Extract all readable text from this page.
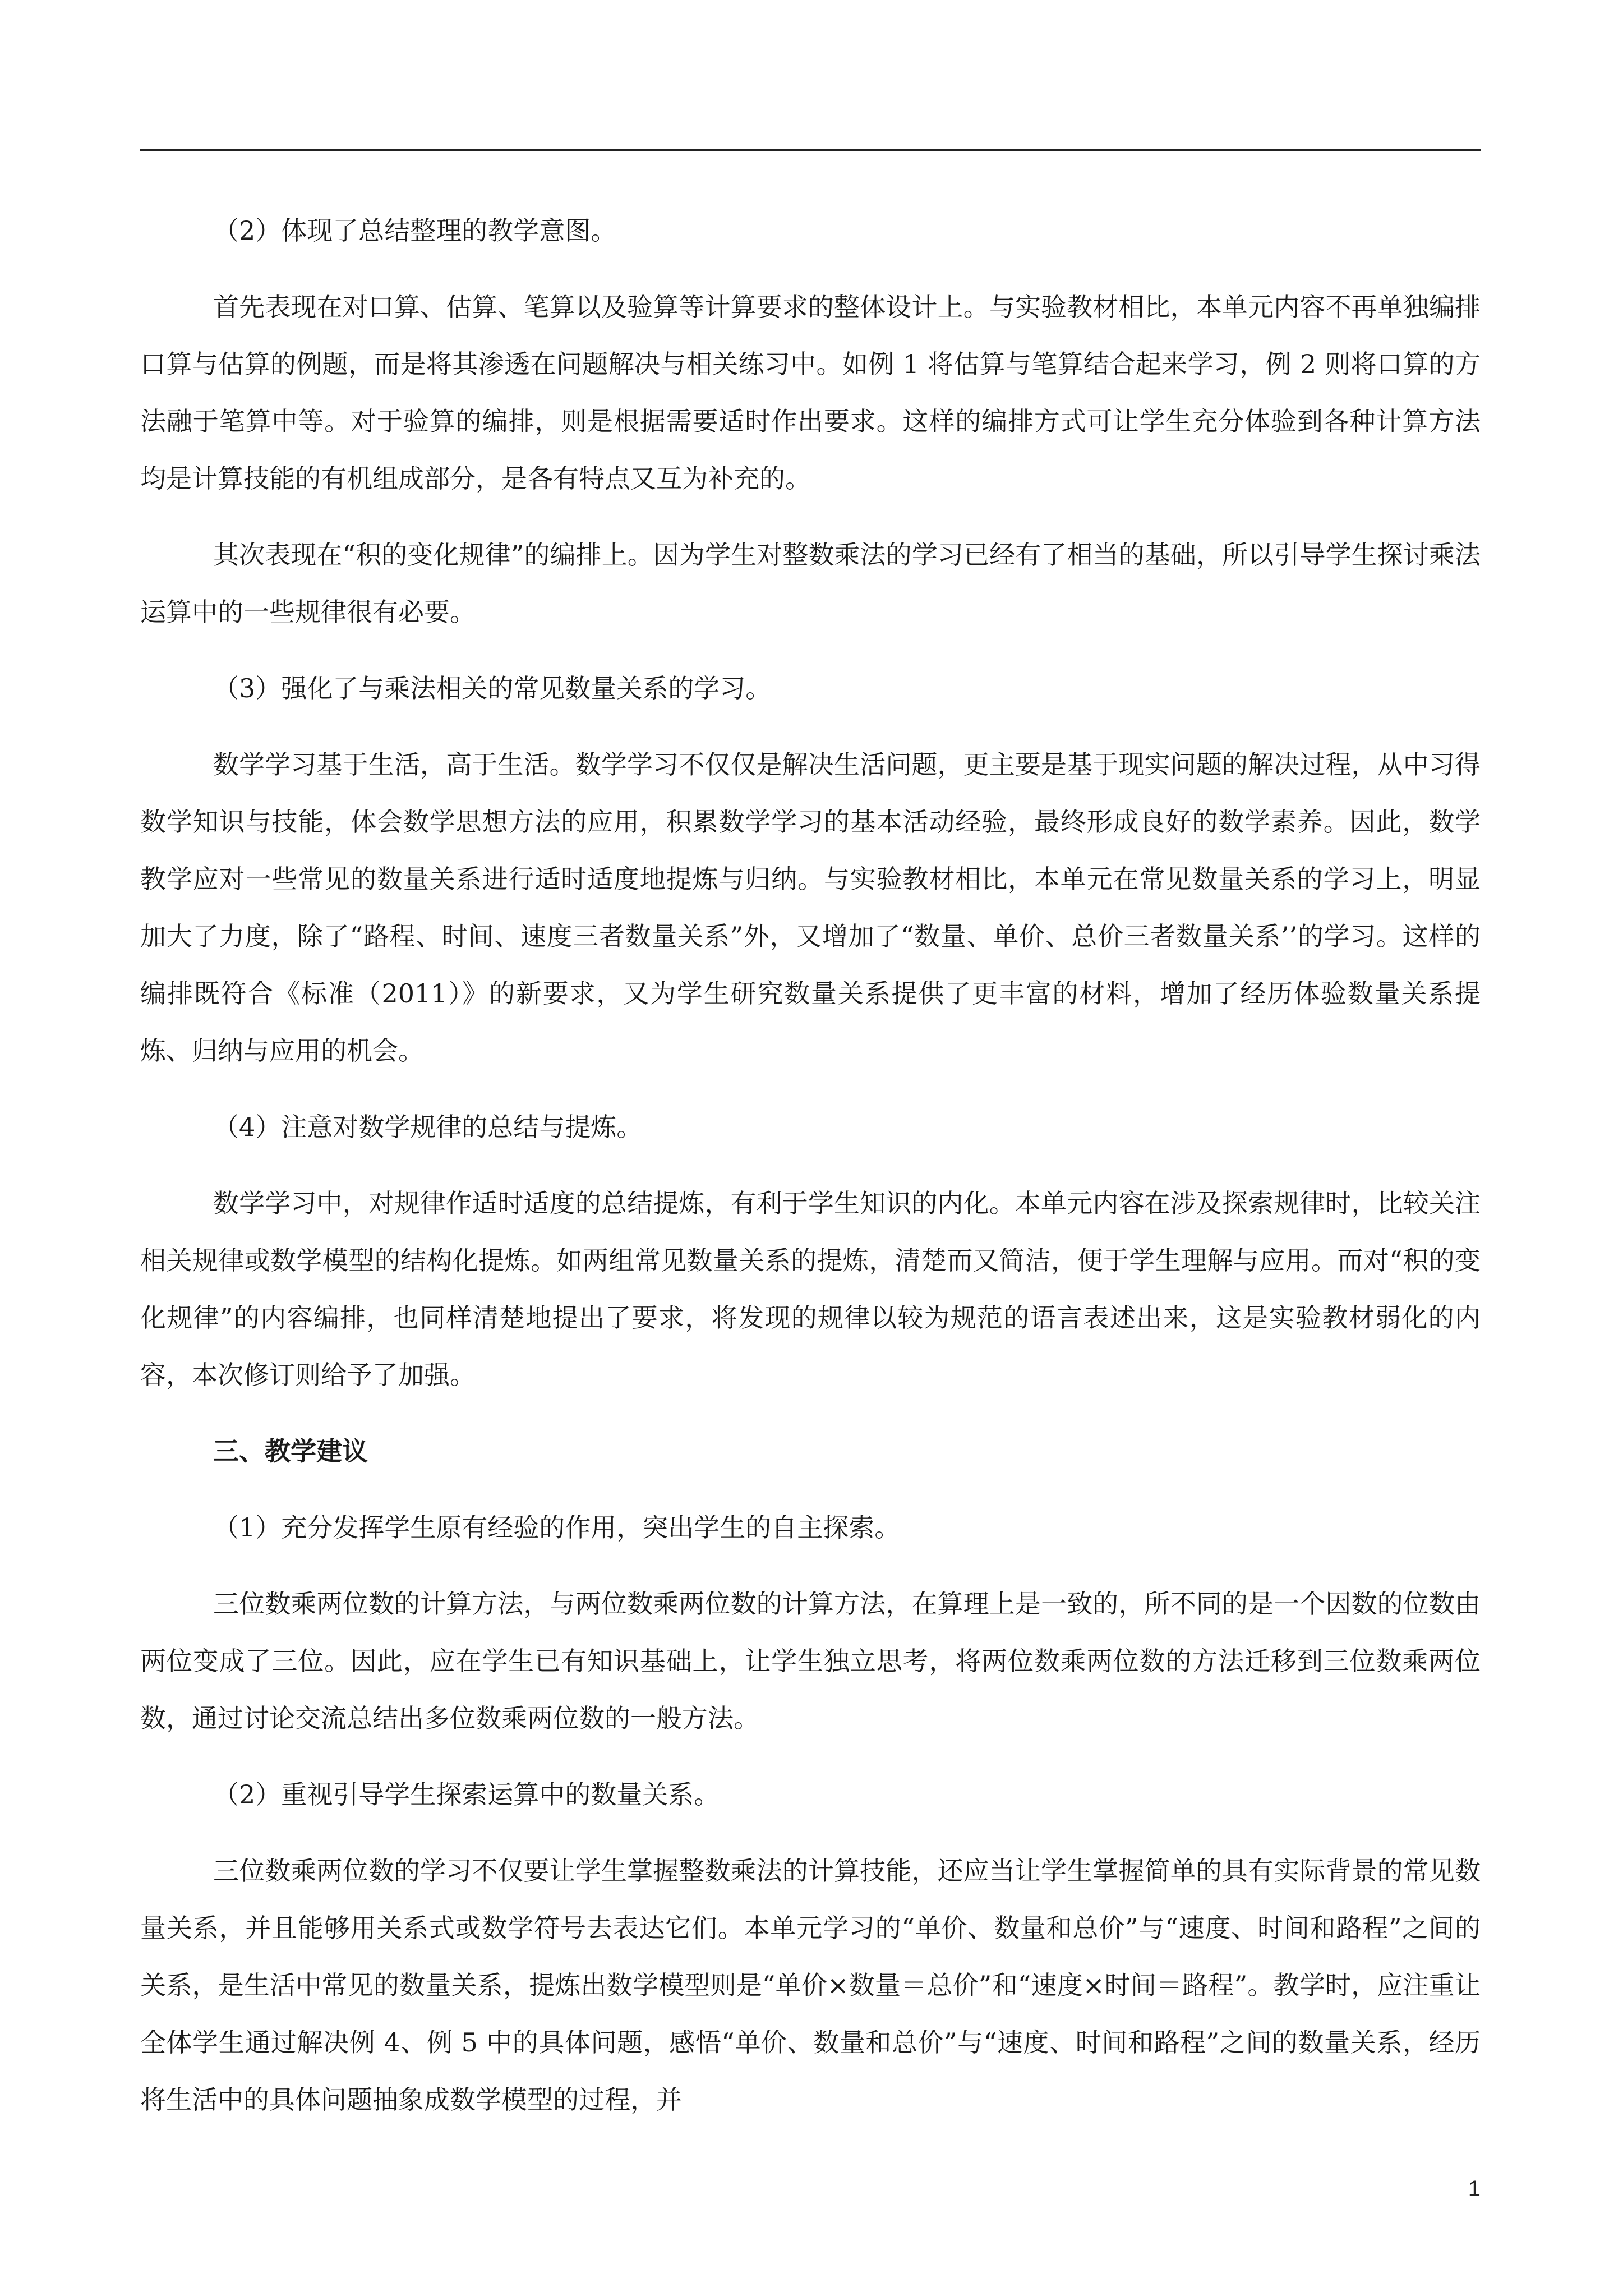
（2）体现了总结整理的教学意图。

首先表现在对口算、估算、笔算以及验算等计算要求的整体设计上。与实验教材相比，本单元内容不再单独编排口算与估算的例题，而是将其渗透在问题解决与相关练习中。如例 1 将估算与笔算结合起来学习，例 2 则将口算的方法融于笔算中等。对于验算的编排，则是根据需要适时作出要求。这样的编排方式可让学生充分体验到各种计算方法均是计算技能的有机组成部分，是各有特点又互为补充的。

其次表现在“积的变化规律”的编排上。因为学生对整数乘法的学习已经有了相当的基础，所以引导学生探讨乘法运算中的一些规律很有必要。

（3）强化了与乘法相关的常见数量关系的学习。

数学学习基于生活，高于生活。数学学习不仅仅是解决生活问题，更主要是基于现实问题的解决过程，从中习得数学知识与技能，体会数学思想方法的应用，积累数学学习的基本活动经验，最终形成良好的数学素养。因此，数学教学应对一些常见的数量关系进行适时适度地提炼与归纳。与实验教材相比，本单元在常见数量关系的学习上，明显加大了力度，除了“路程、时间、速度三者数量关系”外，又增加了“数量、单价、总价三者数量关系’’的学习。这样的编排既符合《标准（2011）》的新要求，又为学生研究数量关系提供了更丰富的材料，增加了经历体验数量关系提炼、归纳与应用的机会。

（4）注意对数学规律的总结与提炼。

数学学习中，对规律作适时适度的总结提炼，有利于学生知识的内化。本单元内容在涉及探索规律时，比较关注相关规律或数学模型的结构化提炼。如两组常见数量关系的提炼，清楚而又简洁，便于学生理解与应用。而对“积的变化规律”的内容编排，也同样清楚地提出了要求，将发现的规律以较为规范的语言表述出来，这是实验教材弱化的内容，本次修订则给予了加强。

三、教学建议

（1）充分发挥学生原有经验的作用，突出学生的自主探索。

三位数乘两位数的计算方法，与两位数乘两位数的计算方法，在算理上是一致的，所不同的是一个因数的位数由两位变成了三位。因此，应在学生已有知识基础上，让学生独立思考，将两位数乘两位数的方法迁移到三位数乘两位数，通过讨论交流总结出多位数乘两位数的一般方法。

（2）重视引导学生探索运算中的数量关系。

三位数乘两位数的学习不仅要让学生掌握整数乘法的计算技能，还应当让学生掌握简单的具有实际背景的常见数量关系，并且能够用关系式或数学符号去表达它们。本单元学习的“单价、数量和总价”与“速度、时间和路程”之间的关系，是生活中常见的数量关系，提炼出数学模型则是“单价×数量＝总价”和“速度×时间＝路程”。教学时，应注重让全体学生通过解决例 4、例 5 中的具体问题，感悟“单价、数量和总价”与“速度、时间和路程”之间的数量关系，经历将生活中的具体问题抽象成数学模型的过程，并

1
